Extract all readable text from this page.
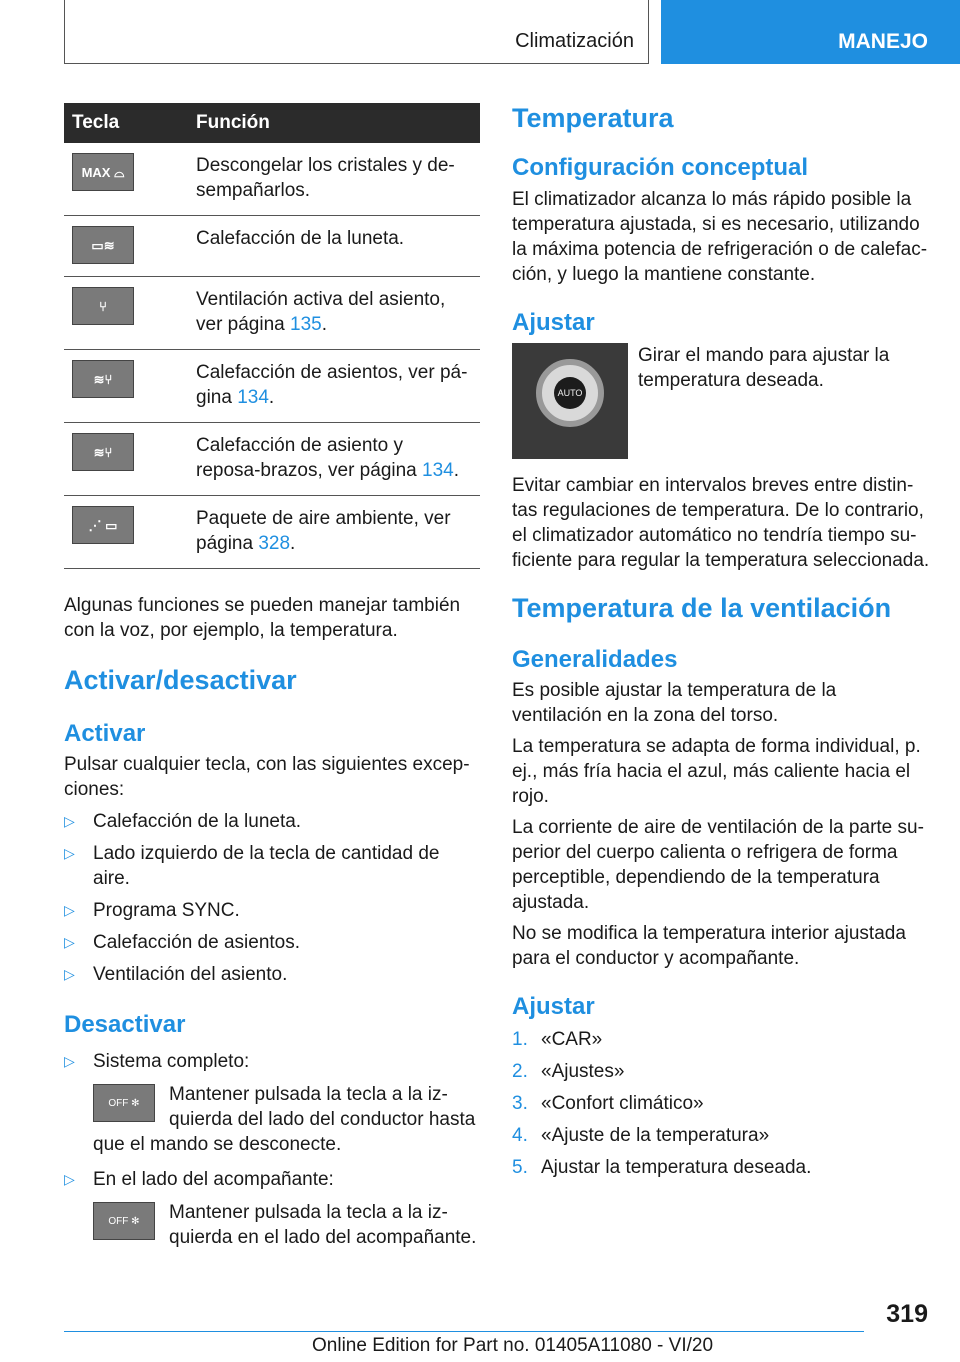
Climatización	MANEJO
Tecla	Función
MAX ⌓	Descongelar los cristales y de-sempañarlos.
▭≋	Calefacción de la luneta.
⑂	Ventilación activa del asiento, ver página 135.
≋⑂	Calefacción de asientos, ver pá-gina 134.
≋⑂	Calefacción de asiento y reposa-brazos, ver página 134.
⋰ ▭	Paquete de aire ambiente, ver página 328.

Algunas funciones se pueden manejar también con la voz, por ejemplo, la temperatura.

Activar/desactivar
Activar

Pulsar cualquier tecla, con las siguientes excep-ciones:

▷ Calefacción de la luneta.

▷ Lado izquierdo de la tecla de cantidad de aire.

▷ Programa SYNC.

▷ Calefacción de asientos.

▷ Ventilación del asiento.

Desactivar

▷ Sistema completo:

OFF ✻	Mantener pulsada la tecla a la iz-quierda del lado del conductor hasta que el mando se desconecte.

▷ En el lado del acompañante:

OFF ✻	Mantener pulsada la tecla a la iz-quierda en el lado del acompañante.

Temperatura
Configuración conceptual

El climatizador alcanza lo más rápido posible la temperatura ajustada, si es necesario, utilizando la máxima potencia de refrigeración o de calefac-ción, y luego la mantiene constante.

Ajustar
AUTO

Girar el mando para ajustar la temperatura deseada.

Evitar cambiar en intervalos breves entre distin-tas regulaciones de temperatura. De lo contrario, el climatizador automático no tendría tiempo su-ficiente para regular la temperatura seleccionada.

Temperatura de la ventilación
Generalidades

Es posible ajustar la temperatura de la ventilación en la zona del torso.

La temperatura se adapta de forma individual, p. ej., más fría hacia el azul, más caliente hacia el rojo.

La corriente de aire de ventilación de la parte su-perior del cuerpo calienta o refrigera de forma perceptible, dependiendo de la temperatura ajustada.

No se modifica la temperatura interior ajustada para el conductor y acompañante.

Ajustar

1. «CAR»

2. «Ajustes»

3. «Confort climático»

4. «Ajuste de la temperatura»

5. Ajustar la temperatura deseada.

319
Online Edition for Part no. 01405A11080 - VI/20
